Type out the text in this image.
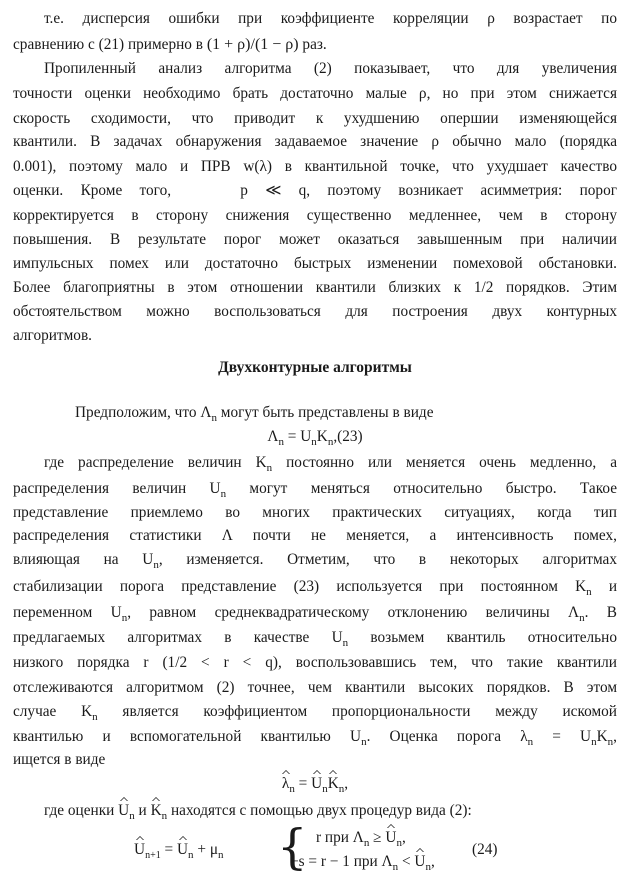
т.е. дисперсия ошибки при коэффициенте корреляции ρ возрастает по
сравнению с (21) примерно в (1 + ρ)/(1 − ρ) раз.
Пропиленный анализ алгоритма (2) показывает, что для увеличения
точности оценки необходимо брать достаточно малые ρ, но при этом снижается
скорость сходимости, что приводит к ухудшению опершии изменяющейся
квантили. В задачах обнаружения задаваемое значение ρ обычно мало (порядка
0.001), поэтому мало и ПРВ w(λ) в квантильной точке, что ухудшает качество
оценки. Кроме того,    p ≪ q, поэтому возникает асимметрия: порог
корректируется в сторону снижения существенно медленнее, чем в сторону
повышения. В результате порог может оказаться завышенным при наличии
импульсных помех или достаточно быстрых изменении помеховой обстановки.
Более благоприятны в этом отношении квантили близких к 1/2 порядков. Этим
обстоятельством можно воспользоваться для построения двух контурных
алгоритмов.
Двухконтурные алгоритмы
Предположим, что $\Lambda_n$ могут быть представлены в виде
$\Lambda_n = U_nK_n,(23)$
где распределение величин $K_n$ постоянно или меняется очень медленно, а
распределения величин $U_n$ могут меняться относительно быстро. Такое
представление приемлемо во многих практических ситуациях, когда тип
распределения статистики Λ почти не меняется, а интенсивность помех,
влияющая на $U_n$, изменяется. Отметим, что в некоторых алгоритмах
стабилизации порога представление (23) используется при постоянном $K_n$ и
переменном $U_n$, равном среднеквадратическому отклонению величины $\Lambda_n$. В
предлагаемых алгоритмах в качестве $U_n$ возьмем квантиль относительно
низкого порядка r (1/2 < r < q), воспользовавшись тем, что такие квантили
отслеживаются алгоритмом (2) точнее, чем квантили высоких порядков. В этом
случае $K_n$ является коэффициентом пропорциональности между искомой
квантилью и вспомогательной квантилью $U_n$. Оценка порога $\lambda_n = U_nK_n$,
ищется в виде
$\lambda_n = U_nK_n$,
где оценки $U_n$ и $K_n$ находятся с помощью двух процедур вида (2):
$U_{n+1} = U_n + \mu_n$	{ r при $\Lambda_n \ge U_n$,
−s = r − 1 при $\Lambda_n < U_n$,
(24)
